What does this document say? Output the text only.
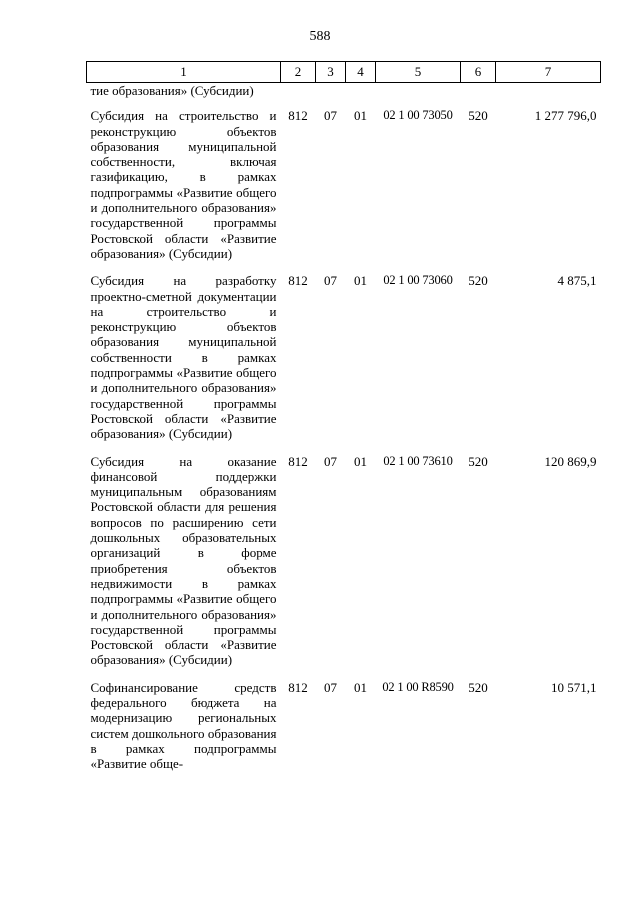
588
1	2	3	4	5	6	7
тие образования» (Субсидии)						
Субсидия на строительство и реконструкцию объектов образования муниципальной собственности, включая газификацию, в рамках подпрограммы «Развитие общего и дополнительного образования» государственной программы Ростовской области «Развитие образования» (Субсидии)	812	07	01	02 1 00 73050	520	1 277 796,0
Субсидия на разработку проектно-сметной документации на строительство и реконструкцию объектов образования муниципальной собственности в рамках подпрограммы «Развитие общего и дополнительного образования» государственной программы Ростовской области «Развитие образования» (Субсидии)	812	07	01	02 1 00 73060	520	4 875,1
Субсидия на оказание финансовой поддержки муниципальным образованиям Ростовской области для решения вопросов по расширению сети дошкольных образовательных организаций в форме приобретения объектов недвижимости в рамках подпрограммы «Развитие общего и дополнительного образования» государственной программы Ростовской области «Развитие образования» (Субсидии)	812	07	01	02 1 00 73610	520	120 869,9
Софинансирование средств федерального бюджета на модернизацию региональных систем дошкольного образования в рамках подпрограммы «Развитие обще-	812	07	01	02 1 00 R8590	520	10 571,1
